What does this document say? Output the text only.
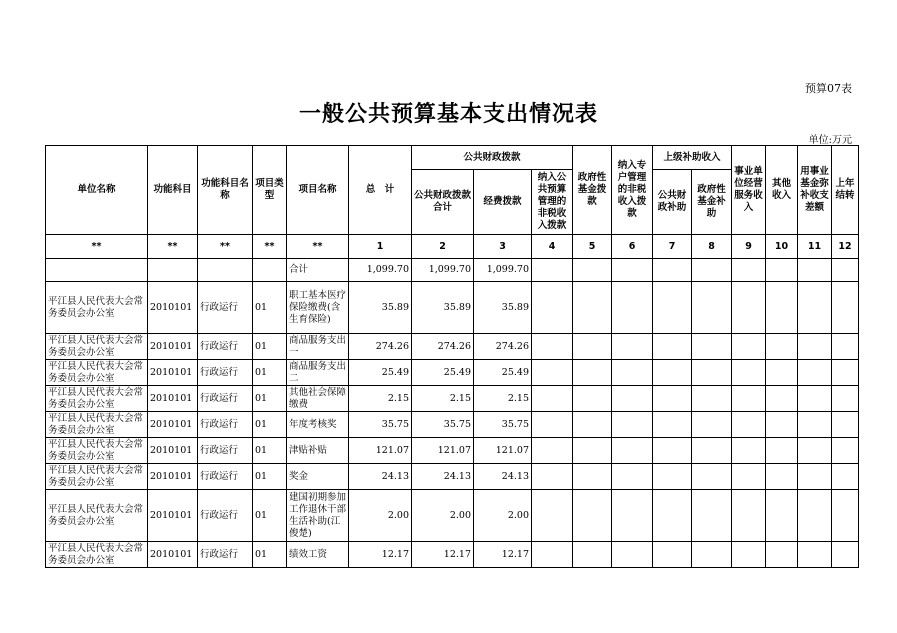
预算07表
一般公共预算基本支出情况表
单位:万元
单位名称	功能科目	功能科目名称	项目类型	项目名称	总　计	公共财政拨款			政府性基金拨款	纳入专户管理的非税收入拨款	上级补助收入		事业单位经营服务收入	其他收入	用事业基金弥补收支差额	上年结转
						公共财政拨款合计	经费拨款	纳入公共预算管理的非税收入拨款			公共财政补助	政府性基金补助				
**	**	**	**	**	1	2	3	4	5	6	7	8	9	10	11	12
				合计	1,099.70	1,099.70	1,099.70									
平江县人民代表大会常务委员会办公室	2010101	行政运行	01	职工基本医疗保险缴费(含生育保险)	35.89	35.89	35.89									
平江县人民代表大会常务委员会办公室	2010101	行政运行	01	商品服务支出一	274.26	274.26	274.26									
平江县人民代表大会常务委员会办公室	2010101	行政运行	01	商品服务支出二	25.49	25.49	25.49									
平江县人民代表大会常务委员会办公室	2010101	行政运行	01	其他社会保障缴费	2.15	2.15	2.15									
平江县人民代表大会常务委员会办公室	2010101	行政运行	01	年度考核奖	35.75	35.75	35.75									
平江县人民代表大会常务委员会办公室	2010101	行政运行	01	津贴补贴	121.07	121.07	121.07									
平江县人民代表大会常务委员会办公室	2010101	行政运行	01	奖金	24.13	24.13	24.13									
平江县人民代表大会常务委员会办公室	2010101	行政运行	01	建国初期参加工作退休干部生活补助(江俊楚)	2.00	2.00	2.00									
平江县人民代表大会常务委员会办公室	2010101	行政运行	01	绩效工资	12.17	12.17	12.17									
